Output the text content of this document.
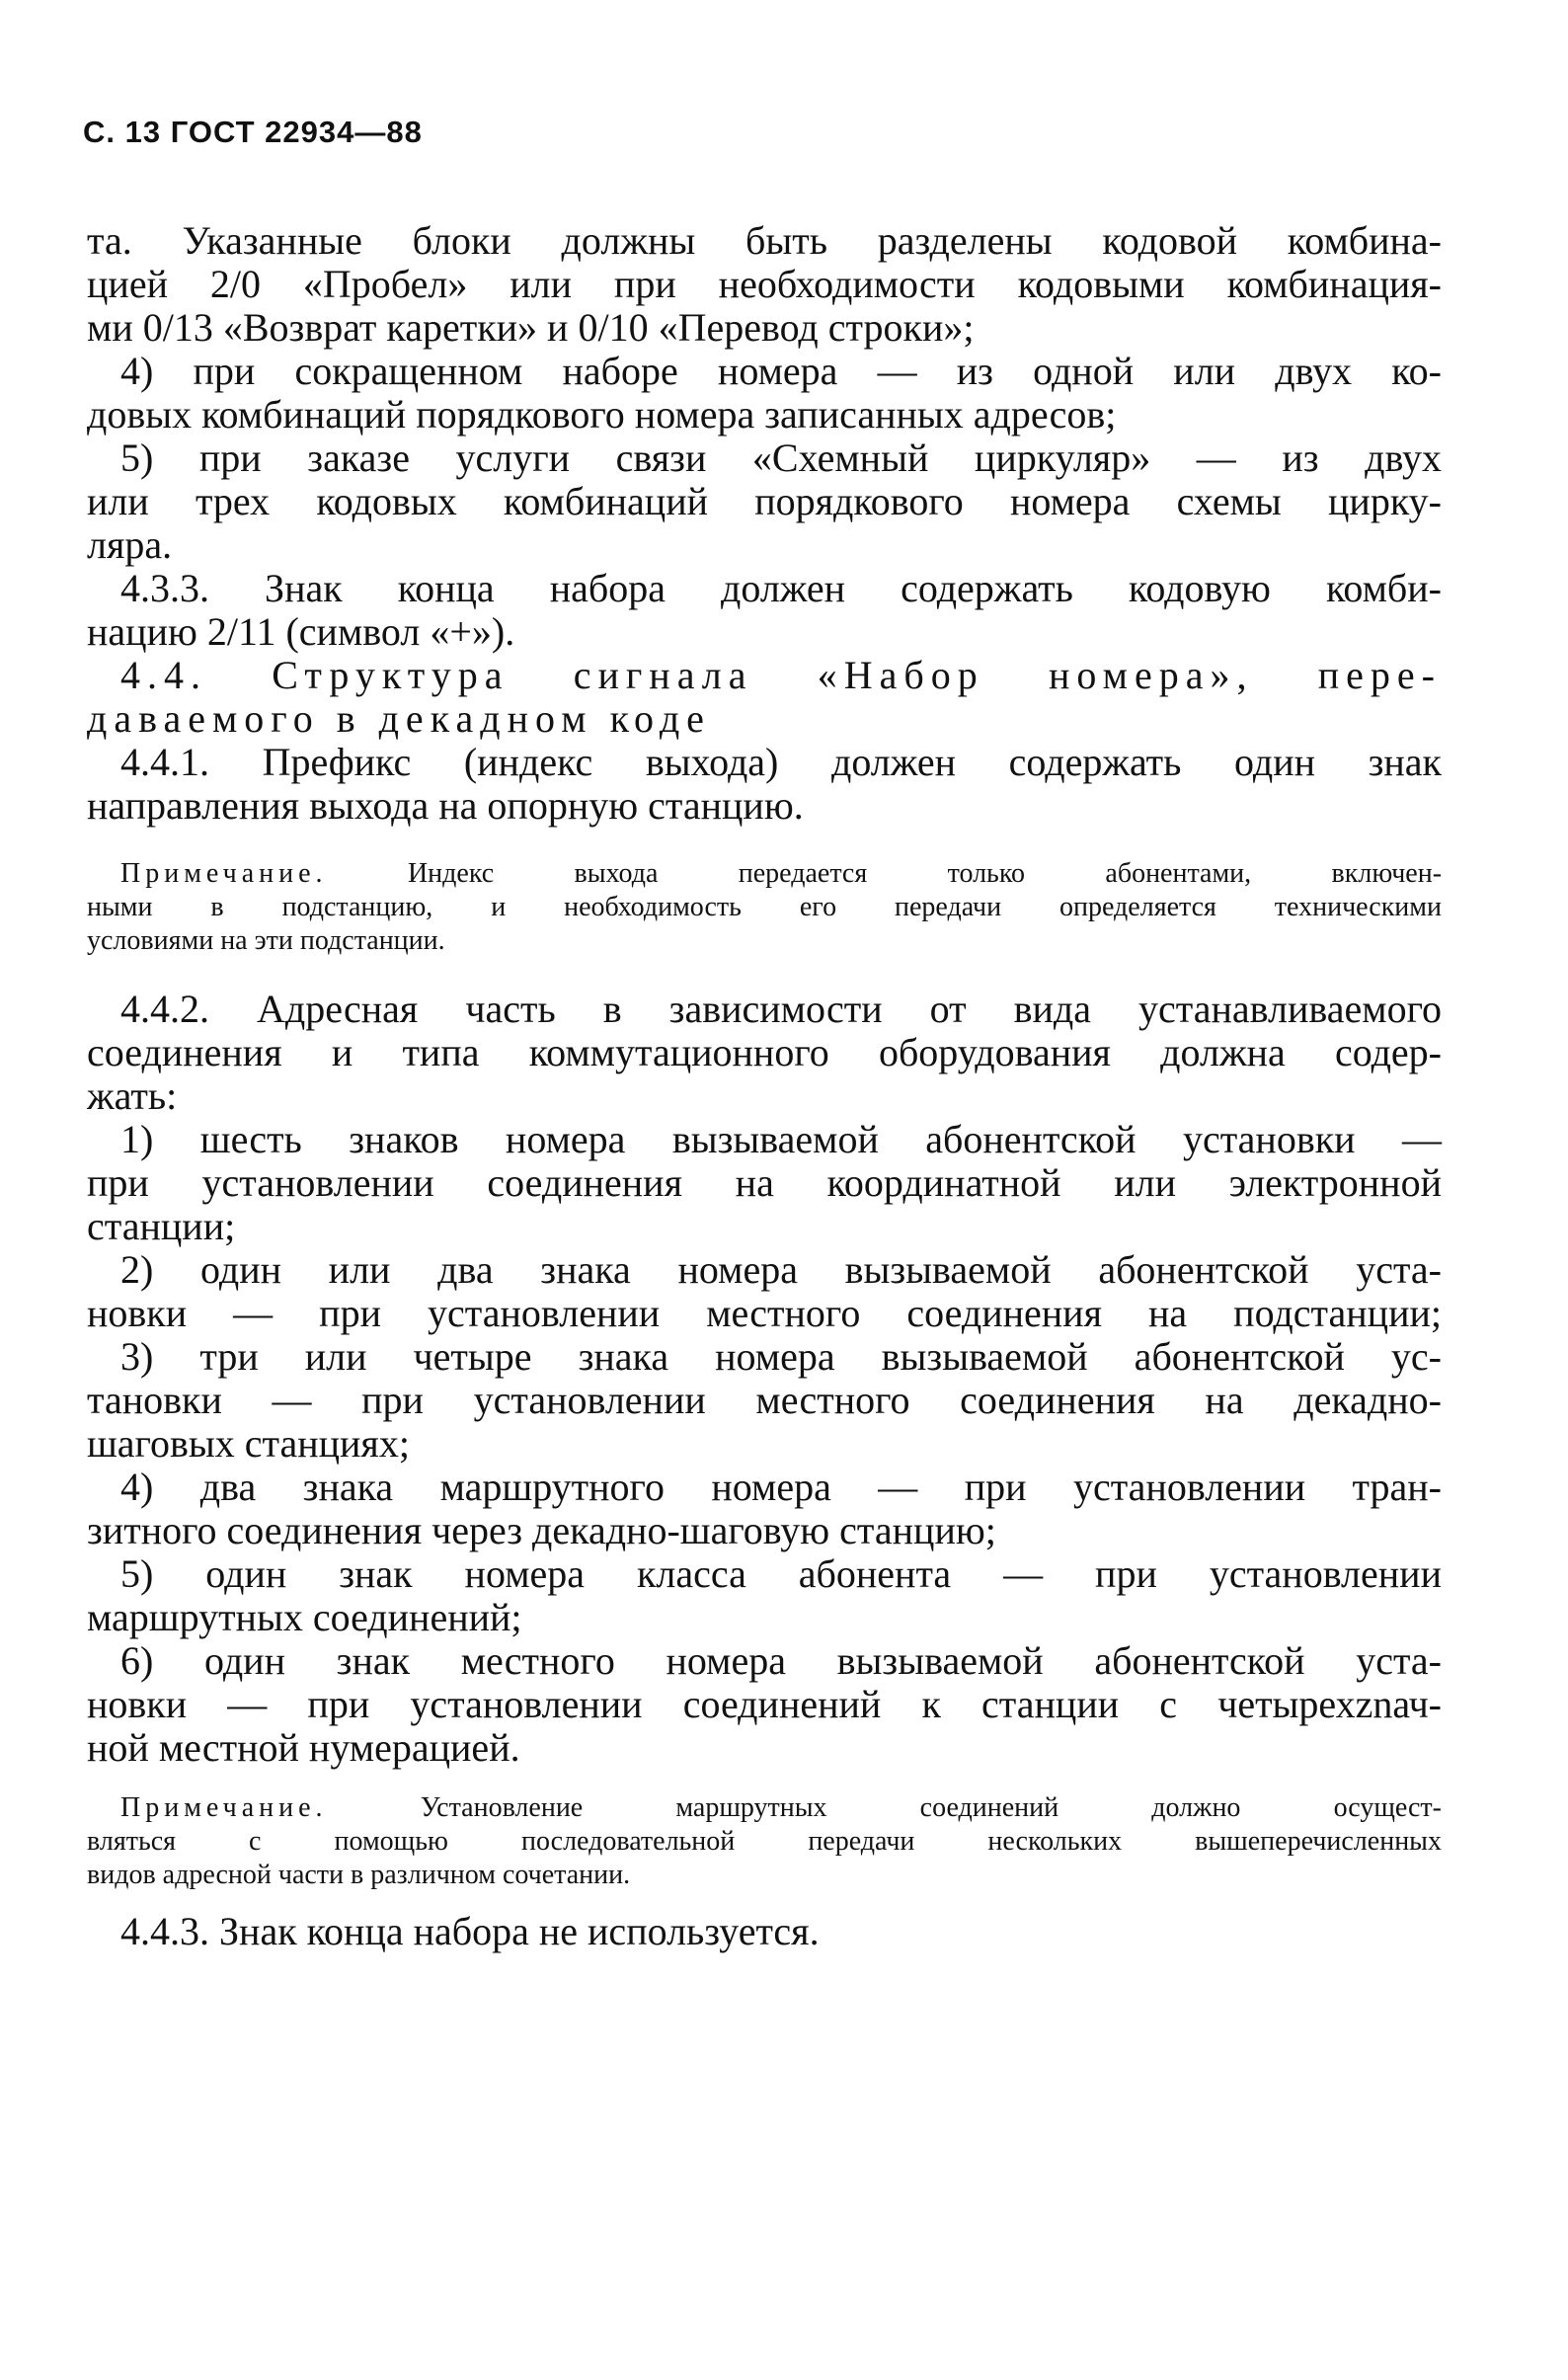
С. 13 ГОСТ 22934—88
та. Указанные блоки должны быть разделены кодовой комбина-
цией 2/0 «Пробел» или при необходимости кодовыми комбинация-
ми 0/13 «Возврат каретки» и 0/10 «Перевод строки»;
4) при сокращенном наборе номера — из одной или двух ко-
довых комбинаций порядкового номера записанных адресов;
5) при заказе услуги связи «Схемный циркуляр» — из двух
или трех кодовых комбинаций порядкового номера схемы цирку-
ляра.
4.3.3. Знак конца набора должен содержать кодовую комби-
нацию 2/11 (символ «+»).
4.4. Структура сигнала «Набор номера», пере-
даваемого в декадном коде
4.4.1. Префикс (индекс выхода) должен содержать один знак
направления выхода на опорную станцию.
Примечание.	Индекс выхода передается только абонентами, включен-
ными в подстанцию, и необходимость его передачи определяется техническими
условиями на эти подстанции.
4.4.2. Адресная часть в зависимости от вида устанавливаемого
соединения и типа коммутационного оборудования должна содер-
жать:
1) шесть знаков номера вызываемой абонентской установки —
при установлении соединения на координатной или электронной
станции;
2) один или два знака номера вызываемой абонентской уста-
новки — при установлении местного соединения на подстанции;
3) три или четыре знака номера вызываемой абонентской ус-
тановки — при установлении местного соединения на декадно-
шаговых станциях;
4) два знака маршрутного номера — при установлении тран-
зитного соединения через декадно-шаговую станцию;
5) один знак номера класса абонента — при установлении
маршрутных соединений;
6) один знак местного номера вызываемой абонентской уста-
новки — при установлении соединений к станции с четырехznач-
ной местной нумерацией.
Примечание.	Установление маршрутных соединений должно осущест-
вляться с помощью последовательной передачи нескольких вышеперечисленных
видов адресной части в различном сочетании.
4.4.3. Знак конца набора не используется.
